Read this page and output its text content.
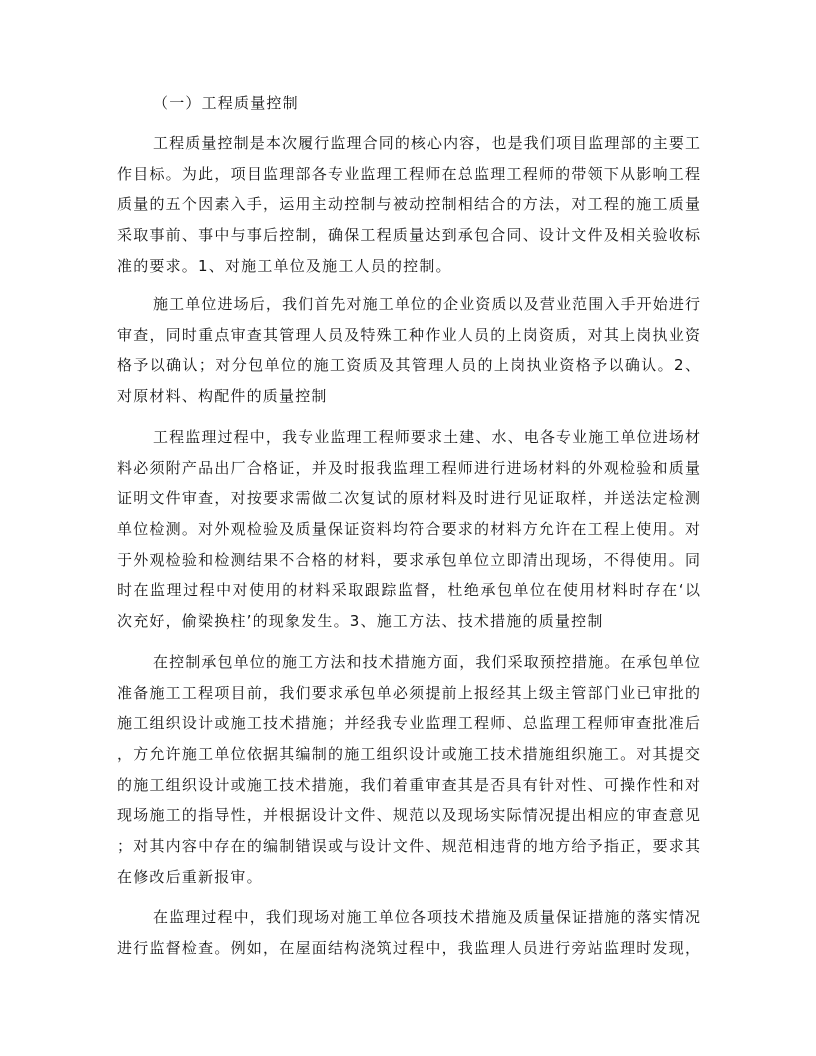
（一）工程质量控制
工程质量控制是本次履行监理合同的核心内容，也是我们项目监理部的主要工
作目标。为此，项目监理部各专业监理工程师在总监理工程师的带领下从影响工程
质量的五个因素入手，运用主动控制与被动控制相结合的方法，对工程的施工质量
采取事前、事中与事后控制，确保工程质量达到承包合同、设计文件及相关验收标
准的要求。1、对施工单位及施工人员的控制。
施工单位进场后，我们首先对施工单位的企业资质以及营业范围入手开始进行
审查，同时重点审查其管理人员及特殊工种作业人员的上岗资质，对其上岗执业资
格予以确认；对分包单位的施工资质及其管理人员的上岗执业资格予以确认。2、
对原材料、构配件的质量控制
工程监理过程中，我专业监理工程师要求土建、水、电各专业施工单位进场材
料必须附产品出厂合格证，并及时报我监理工程师进行进场材料的外观检验和质量
证明文件审查，对按要求需做二次复试的原材料及时进行见证取样，并送法定检测
单位检测。对外观检验及质量保证资料均符合要求的材料方允许在工程上使用。对
于外观检验和检测结果不合格的材料，要求承包单位立即清出现场，不得使用。同
时在监理过程中对使用的材料采取跟踪监督，杜绝承包单位在使用材料时存在‘以
次充好，偷梁换柱’的现象发生。3、施工方法、技术措施的质量控制
在控制承包单位的施工方法和技术措施方面，我们采取预控措施。在承包单位
准备施工工程项目前，我们要求承包单必须提前上报经其上级主管部门业已审批的
施工组织设计或施工技术措施；并经我专业监理工程师、总监理工程师审查批准后
，方允许施工单位依据其编制的施工组织设计或施工技术措施组织施工。对其提交
的施工组织设计或施工技术措施，我们着重审查其是否具有针对性、可操作性和对
现场施工的指导性，并根据设计文件、规范以及现场实际情况提出相应的审查意见
；对其内容中存在的编制错误或与设计文件、规范相违背的地方给予指正，要求其
在修改后重新报审。
在监理过程中，我们现场对施工单位各项技术措施及质量保证措施的落实情况
进行监督检查。例如，在屋面结构浇筑过程中，我监理人员进行旁站监理时发现，
